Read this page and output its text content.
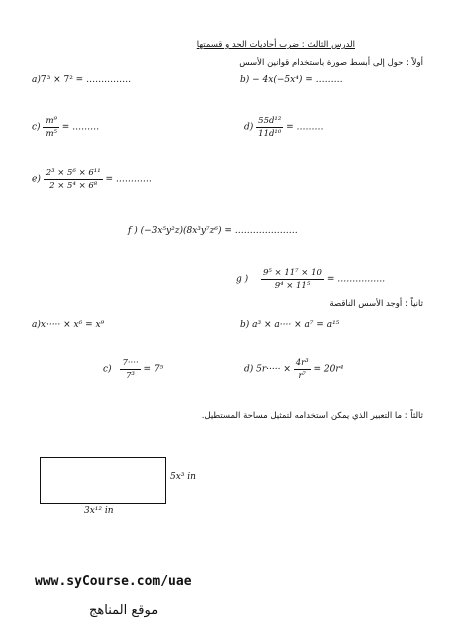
الدرس الثالث : ضرب أحاديات الحد و قسمتها
أولاً : حول إلى أبسط صورة باستخدام قوانين الأسس
a)7³ × 7² = ……………	b) − 4x(−5x⁴) = ………
$c) \frac{\text{m⁹}}{\text{m⁵}}$ = ………	$d) \frac{\text{55d¹²}}{\text{11d¹⁰}}$ = ………
$e) \frac{\text{2³ × 5⁶ × 6¹¹}}{\text{2 × 5⁴ × 6⁸}}$ = …………
f ) (−3x⁵y²z)(8x³y⁷z⁶) = …………………
g ) $\frac{\text{9⁵ × 11⁷ × 10}}{\text{9⁴ × 11⁵}}$ = …………….
ثانياً : أوجد الأسس الناقصة
a)x····· × x⁶ = x⁹	b) a³ × a···· × a⁷ = a¹⁵
$c) \frac{7\cdot\cdot\cdot\cdot}{\text{7³}} = 7^5$	d) $5r\cdot\cdot\cdot\cdot\cdot \times \frac{\text{4r³}}{\text{r⁷}} = 20r^4$
ثالثاً : ما التعبير الذي يمكن استخدامه لتمثيل مساحة المستطيل.
5x³ in
3x¹² in
www.syCourse.com/uae
موقع المناهج
